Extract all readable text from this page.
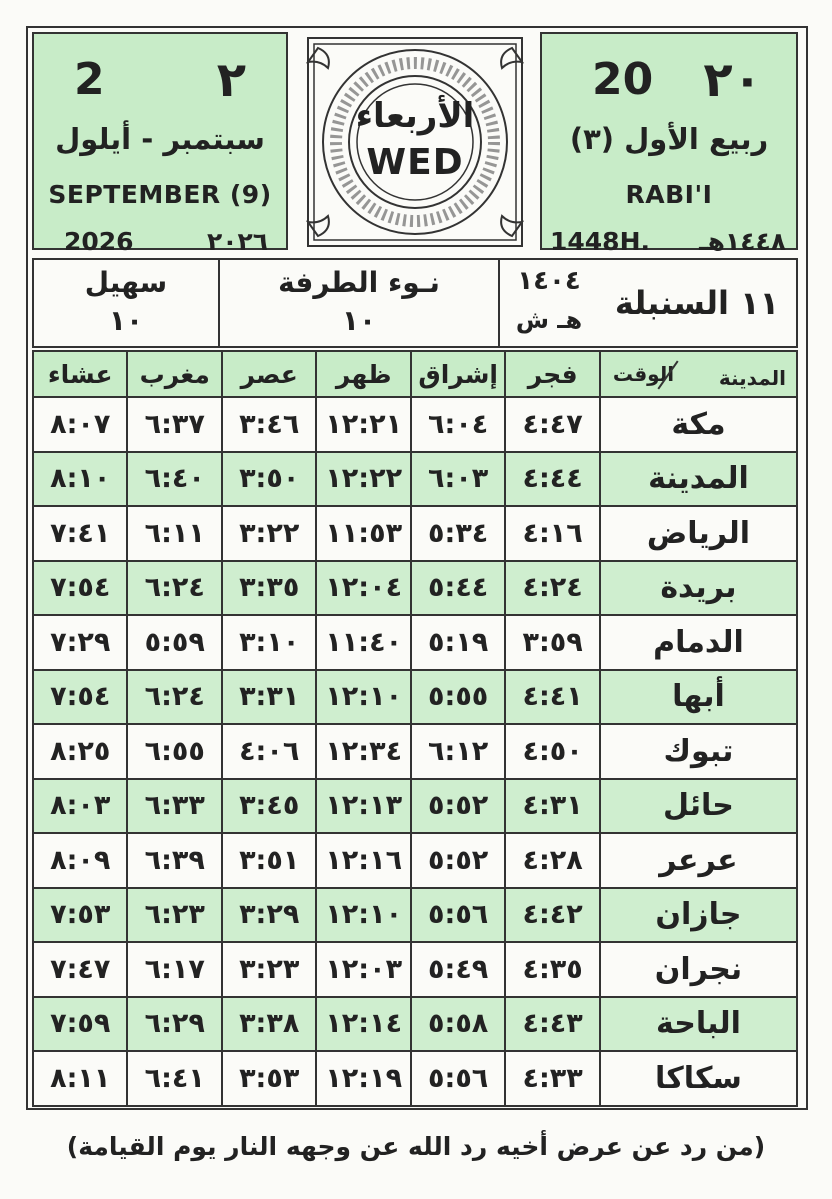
٢
2
سبتمبر - أيلول
SEPTEMBER (9)
2026	٢٠٢٦
الأربعاء
WED
20 ٢٠
ربيع الأول (٣)
RABI'I
1448H. ١٤٤٨هـ
سهيل
١٠
نـوء الطرفة
١٠
١٤٠٤
هـ ش	١١ السنبلة
عشاء	مغرب	عصر	ظهر	إشراق	فجر	الوقت المدينة

٨:٠٧	٦:٣٧	٣:٤٦	١٢:٢١	٦:٠٤	٤:٤٧	مكة
٨:١٠	٦:٤٠	٣:٥٠	١٢:٢٢	٦:٠٣	٤:٤٤	المدينة
٧:٤١	٦:١١	٣:٢٢	١١:٥٣	٥:٣٤	٤:١٦	الرياض
٧:٥٤	٦:٢٤	٣:٣٥	١٢:٠٤	٥:٤٤	٤:٢٤	بريدة
٧:٢٩	٥:٥٩	٣:١٠	١١:٤٠	٥:١٩	٣:٥٩	الدمام
٧:٥٤	٦:٢٤	٣:٣١	١٢:١٠	٥:٥٥	٤:٤١	أبها
٨:٢٥	٦:٥٥	٤:٠٦	١٢:٣٤	٦:١٢	٤:٥٠	تبوك
٨:٠٣	٦:٣٣	٣:٤٥	١٢:١٣	٥:٥٢	٤:٣١	حائل
٨:٠٩	٦:٣٩	٣:٥١	١٢:١٦	٥:٥٢	٤:٢٨	عرعر
٧:٥٣	٦:٢٣	٣:٢٩	١٢:١٠	٥:٥٦	٤:٤٢	جازان
٧:٤٧	٦:١٧	٣:٢٣	١٢:٠٣	٥:٤٩	٤:٣٥	نجران
٧:٥٩	٦:٢٩	٣:٣٨	١٢:١٤	٥:٥٨	٤:٤٣	الباحة
٨:١١	٦:٤١	٣:٥٣	١٢:١٩	٥:٥٦	٤:٣٣	سكاكا
(من رد عن عرض أخيه رد الله عن وجهه النار يوم القيامة)
